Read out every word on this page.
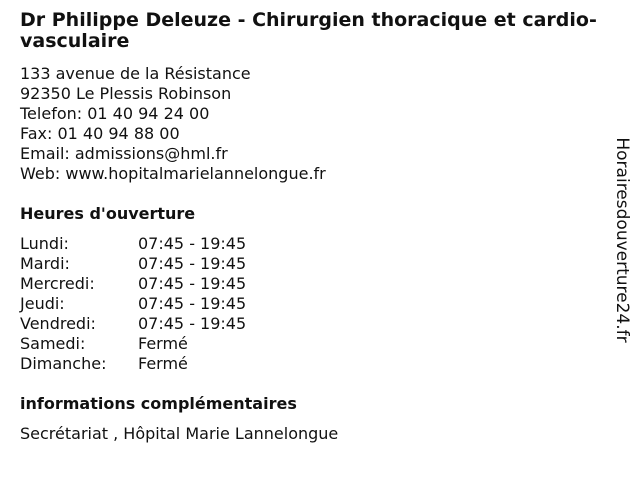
Dr Philippe Deleuze - Chirurgien thoracique et cardio-vasculaire
133 avenue de la Résistance
92350 Le Plessis Robinson
Telefon: 01 40 94 24 00
Fax: 01 40 94 88 00
Email: admissions@hml.fr
Web: www.hopitalmarielannelongue.fr
Heures d'ouverture
Lundi:	07:45 - 19:45
Mardi:	07:45 - 19:45
Mercredi:	07:45 - 19:45
Jeudi:	07:45 - 19:45
Vendredi:	07:45 - 19:45
Samedi:	Fermé
Dimanche: Fermé
informations complémentaires
Secrétariat , Hôpital Marie Lannelongue
Horairesdouverture24.fr
